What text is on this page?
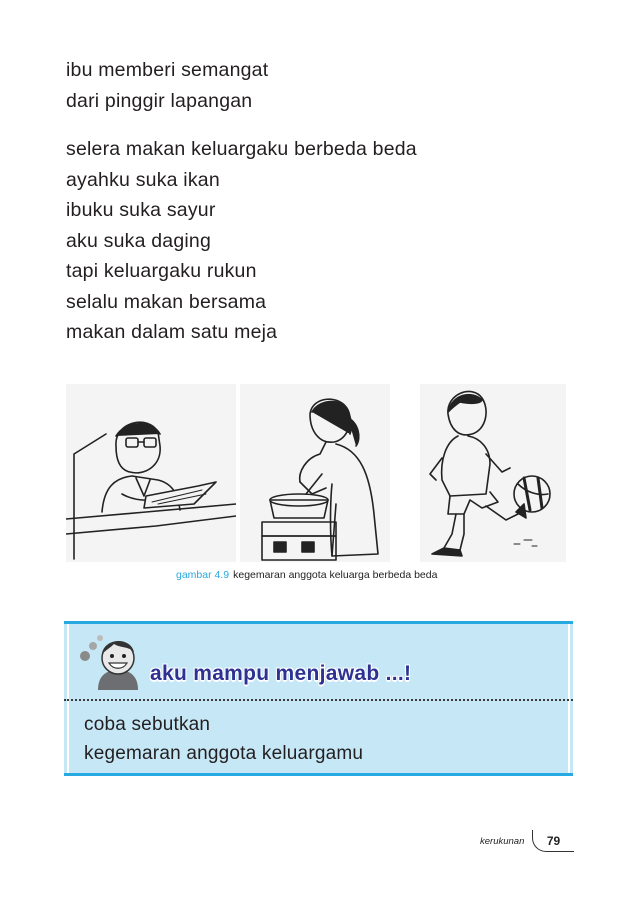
ibu memberi semangat
dari pinggir lapangan
selera makan keluargaku berbeda beda
ayahku suka ikan
ibuku suka sayur
aku suka daging
tapi keluargaku rukun
selalu makan bersama
makan dalam satu meja
gambar 4.9 kegemaran anggota keluarga berbeda beda
aku mampu menjawab ...!
coba sebutkan
kegemaran anggota keluargamu
kerukunan	79
